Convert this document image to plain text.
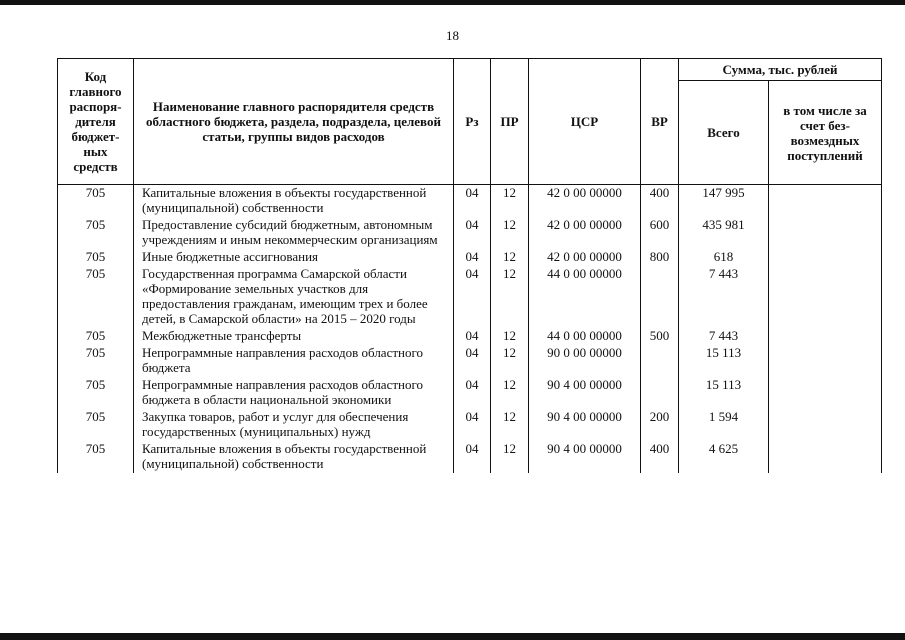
18
Код главного распоря-дителя бюджет-ных средств	Наименование главного распорядителя средств областного бюджета, раздела, подраздела, целевой статьи, группы видов расходов	Рз	ПР	ЦСР	ВР	Сумма, тыс. рублей	
						Всего	в том числе за счет без-возмездных поступлений
705	Капитальные вложения в объекты государственной (муниципальной) собственности	04	12	42 0 00 00000	400	147 995	
705	Предоставление субсидий бюджетным, автономным учреждениям и иным некоммерческим организациям	04	12	42 0 00 00000	600	435 981	
705	Иные бюджетные ассигнования	04	12	42 0 00 00000	800	618	
705	Государственная программа Самарской области «Формирование земельных участков для предоставления гражданам, имеющим трех и более детей, в Самарской области» на 2015 – 2020 годы	04	12	44 0 00 00000		7 443	
705	Межбюджетные трансферты	04	12	44 0 00 00000	500	7 443	
705	Непрограммные направления расходов областного бюджета	04	12	90 0 00 00000		15 113	
705	Непрограммные направления расходов областного бюджета в области национальной экономики	04	12	90 4 00 00000		15 113	
705	Закупка товаров, работ и услуг для обеспечения государственных (муниципальных) нужд	04	12	90 4 00 00000	200	1 594	
705	Капитальные вложения в объекты государственной (муниципальной) собственности	04	12	90 4 00 00000	400	4 625	
